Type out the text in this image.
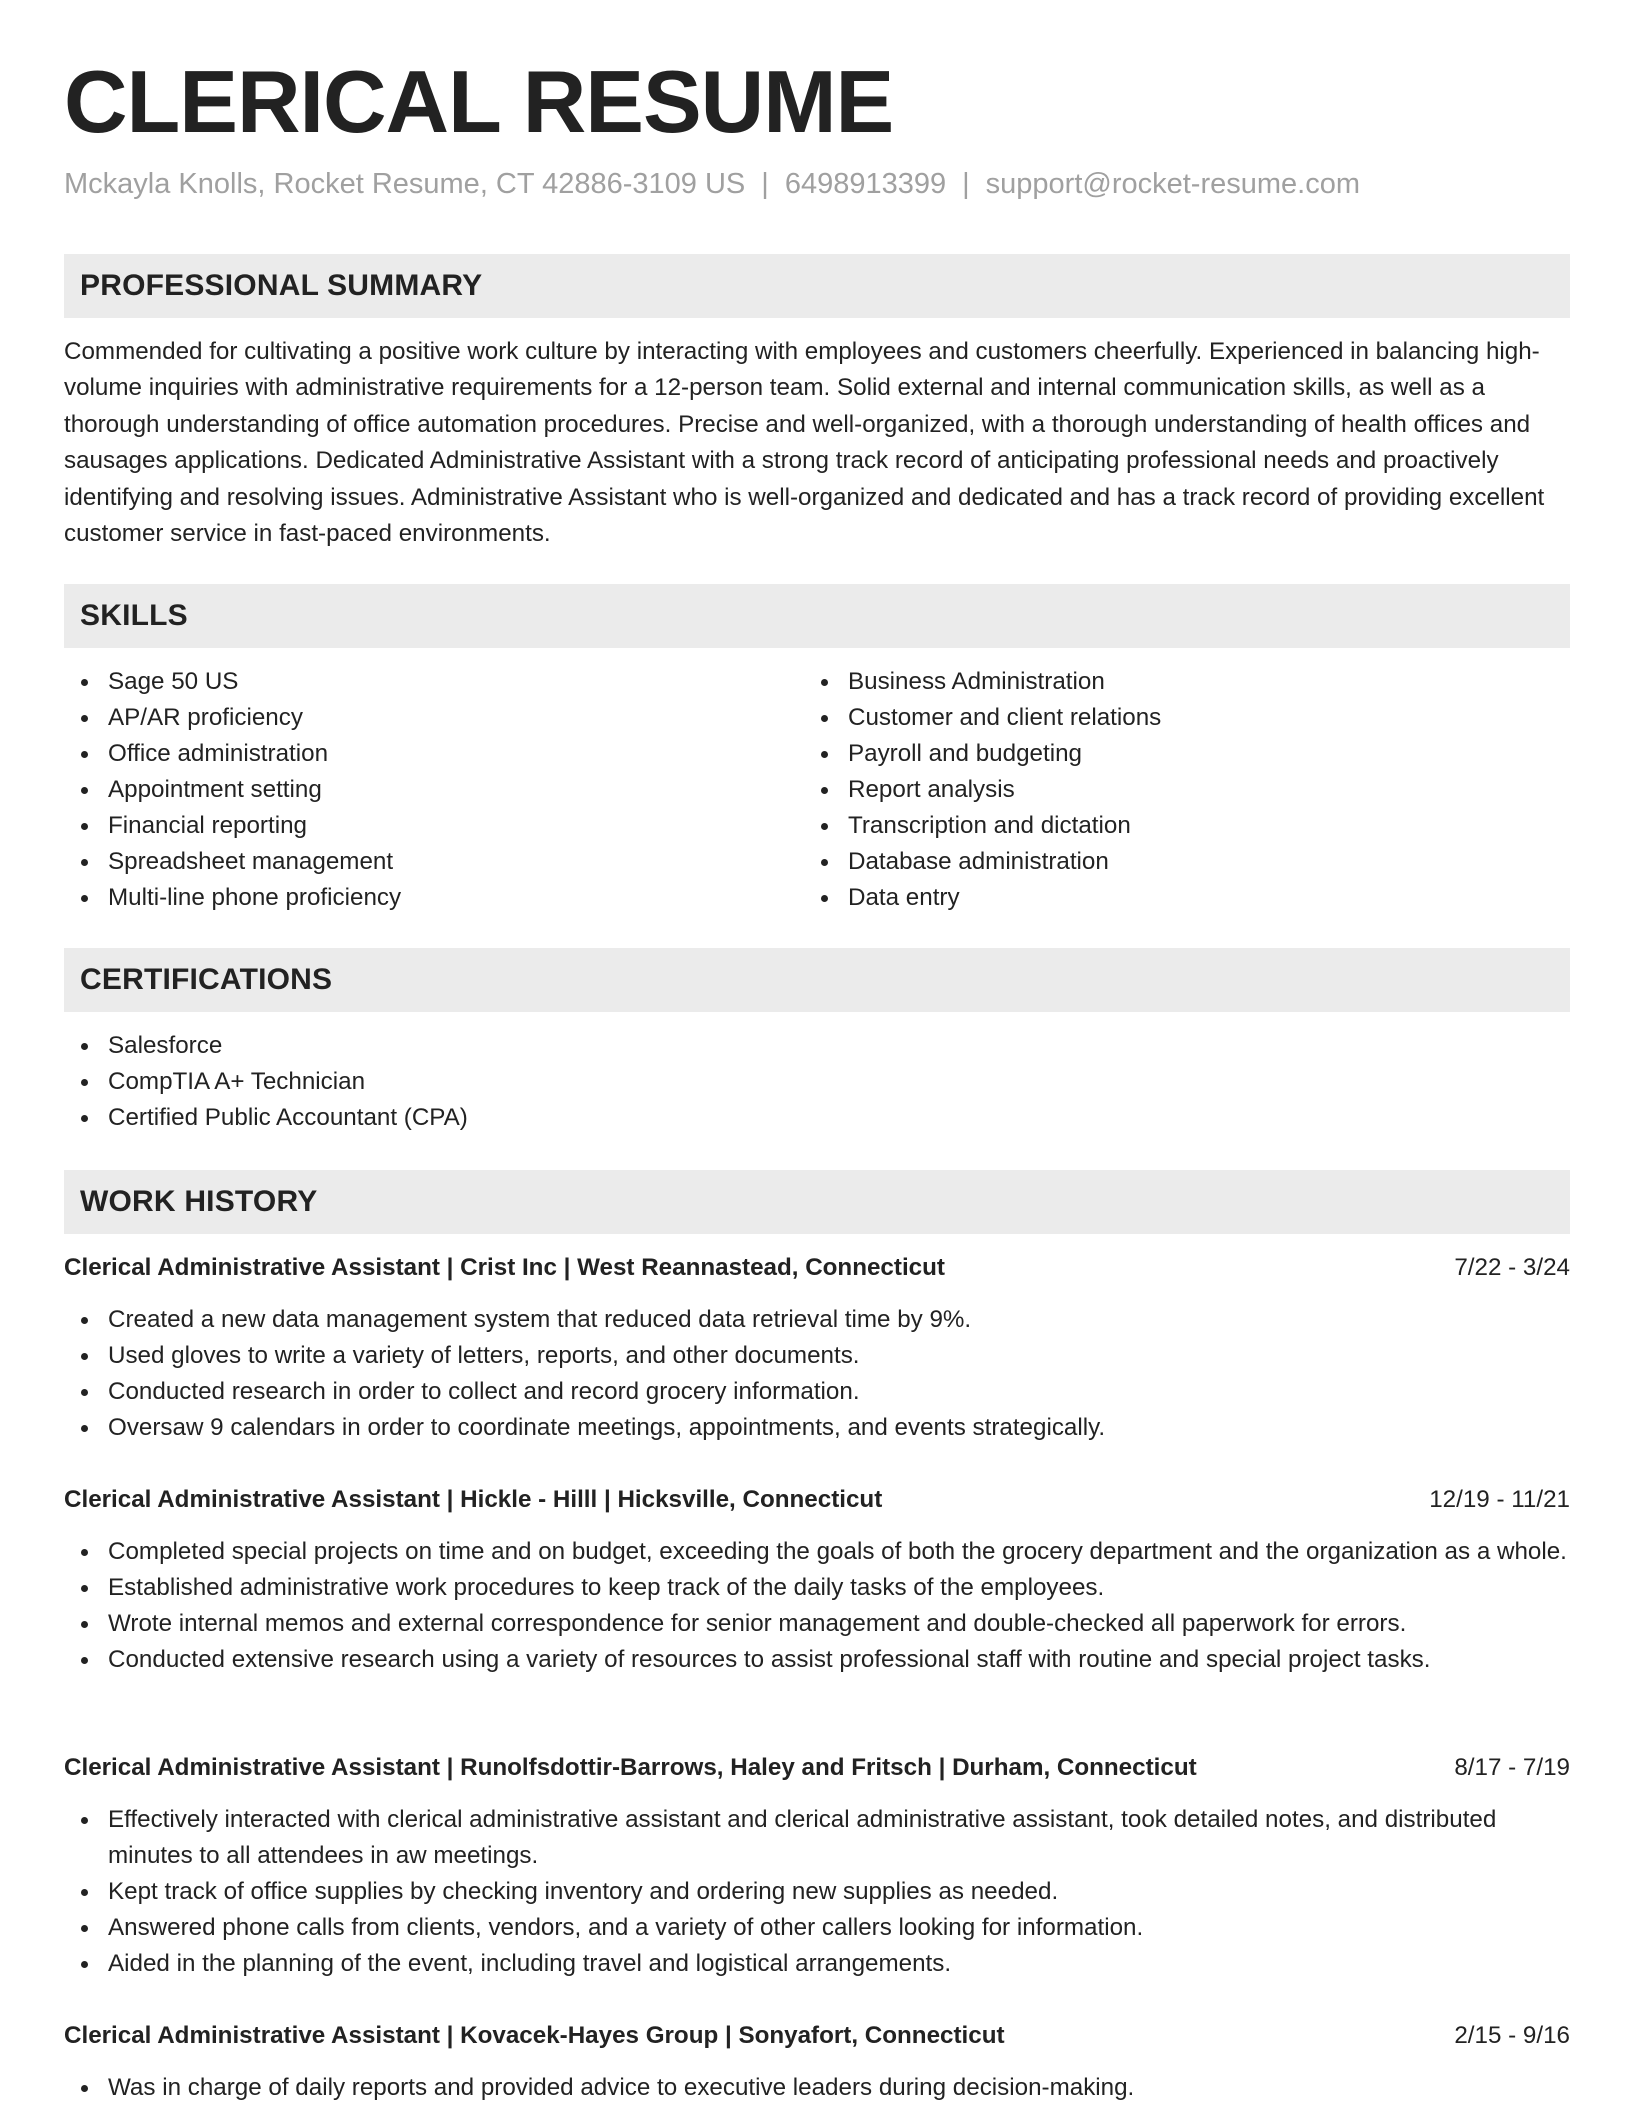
CLERICAL RESUME
Mckayla Knolls, Rocket Resume, CT 42886-3109 US | 6498913399 | support@rocket-resume.com
PROFESSIONAL SUMMARY

Commended for cultivating a positive work culture by interacting with employees and customers cheerfully. Experienced in balancing high-volume inquiries with administrative requirements for a 12-person team. Solid external and internal communication skills, as well as a thorough understanding of office automation procedures. Precise and well-organized, with a thorough understanding of health offices and sausages applications. Dedicated Administrative Assistant with a strong track record of anticipating professional needs and proactively identifying and resolving issues. Administrative Assistant who is well-organized and dedicated and has a track record of providing excellent customer service in fast-paced environments.

SKILLS
Sage 50 US
AP/AR proficiency
Office administration
Appointment setting
Financial reporting
Spreadsheet management
Multi-line phone proficiency
Business Administration
Customer and client relations
Payroll and budgeting
Report analysis
Transcription and dictation
Database administration
Data entry
CERTIFICATIONS
Salesforce
CompTIA A+ Technician
Certified Public Accountant (CPA)
WORK HISTORY
Clerical Administrative Assistant | Crist Inc | West Reannastead, Connecticut	7/22 - 3/24
Created a new data management system that reduced data retrieval time by 9%.
Used gloves to write a variety of letters, reports, and other documents.
Conducted research in order to collect and record grocery information.
Oversaw 9 calendars in order to coordinate meetings, appointments, and events strategically.
Clerical Administrative Assistant | Hickle - Hilll | Hicksville, Connecticut	12/19 - 11/21
Completed special projects on time and on budget, exceeding the goals of both the grocery department and the organization as a whole.
Established administrative work procedures to keep track of the daily tasks of the employees.
Wrote internal memos and external correspondence for senior management and double-checked all paperwork for errors.
Conducted extensive research using a variety of resources to assist professional staff with routine and special project tasks.
Clerical Administrative Assistant | Runolfsdottir-Barrows, Haley and Fritsch | Durham, Connecticut	8/17 - 7/19
Effectively interacted with clerical administrative assistant and clerical administrative assistant, took detailed notes, and distributed minutes to all attendees in aw meetings.
Kept track of office supplies by checking inventory and ordering new supplies as needed.
Answered phone calls from clients, vendors, and a variety of other callers looking for information.
Aided in the planning of the event, including travel and logistical arrangements.
Clerical Administrative Assistant | Kovacek-Hayes Group | Sonyafort, Connecticut	2/15 - 9/16
Was in charge of daily reports and provided advice to executive leaders during decision-making.
